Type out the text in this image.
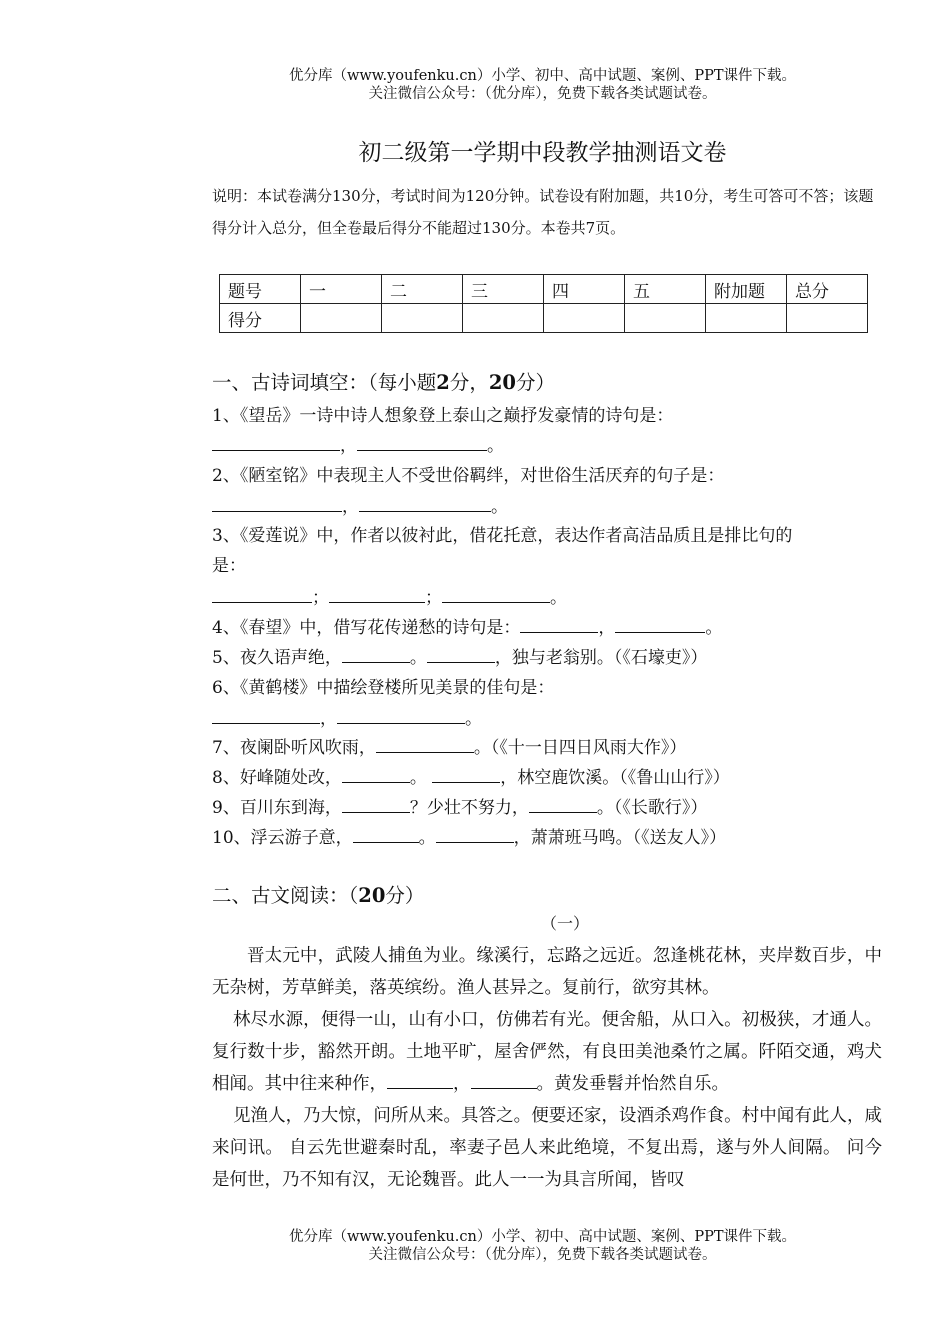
优分库（www.youfenku.cn）小学、初中、高中试题、案例、PPT课件下载。
关注微信公众号：（优分库），免费下载各类试题试卷。
初二级第一学期中段教学抽测语文卷
说明：本试卷满分130分，考试时间为120分钟。试卷设有附加题，共10分，考生可答可不答；该题得分计入总分，但全卷最后得分不能超过130分。本卷共7页。
题号	一	二	三	四	五	附加题	总分
得分							
一、古诗词填空：（每小题2分，20分）
1、《望岳》一诗中诗人想象登上泰山之巅抒发豪情的诗句是：
，	。
2、《陋室铭》中表现主人不受世俗羁绊，对世俗生活厌弃的句子是：
，	。
3、《爱莲说》中，作者以彼衬此，借花托意，表达作者高洁品质且是排比句的
是：
；	；	。
4、《春望》中，借写花传递愁的诗句是：	，	。
5、夜久语声绝，	。	，独与老翁别。（《石壕吏》）
6、《黄鹤楼》中描绘登楼所见美景的佳句是：
，	。
7、夜阑卧听风吹雨，	。（《十一日四日风雨大作》）
8、好峰随处改，	。	，林空鹿饮溪。（《鲁山山行》）
9、百川东到海，	？少壮不努力，	。（《长歌行》）
10、浮云游子意，	。	，萧萧班马鸣。（《送友人》）
二、古文阅读：（20分）
（一）

晋太元中，武陵人捕鱼为业。缘溪行，忘路之远近。忽逢桃花林，夹岸数百步，中无杂树，芳草鲜美，落英缤纷。渔人甚异之。复前行，欲穷其林。

林尽水源，便得一山，山有小口，仿佛若有光。便舍船，从口入。初极狭，才通人。复行数十步，豁然开朗。土地平旷，屋舍俨然，有良田美池桑竹之属。阡陌交通，鸡犬相闻。其中往来种作，	，	。黄发垂髫并怡然自乐。

见渔人，乃大惊，问所从来。具答之。便要还家，设酒杀鸡作食。村中闻有此人，咸来问讯。 自云先世避秦时乱，率妻子邑人来此绝境，不复出焉，遂与外人间隔。 问今是何世，乃不知有汉，无论魏晋。此人一一为具言所闻，皆叹

优分库（www.youfenku.cn）小学、初中、高中试题、案例、PPT课件下载。
关注微信公众号：（优分库），免费下载各类试题试卷。
